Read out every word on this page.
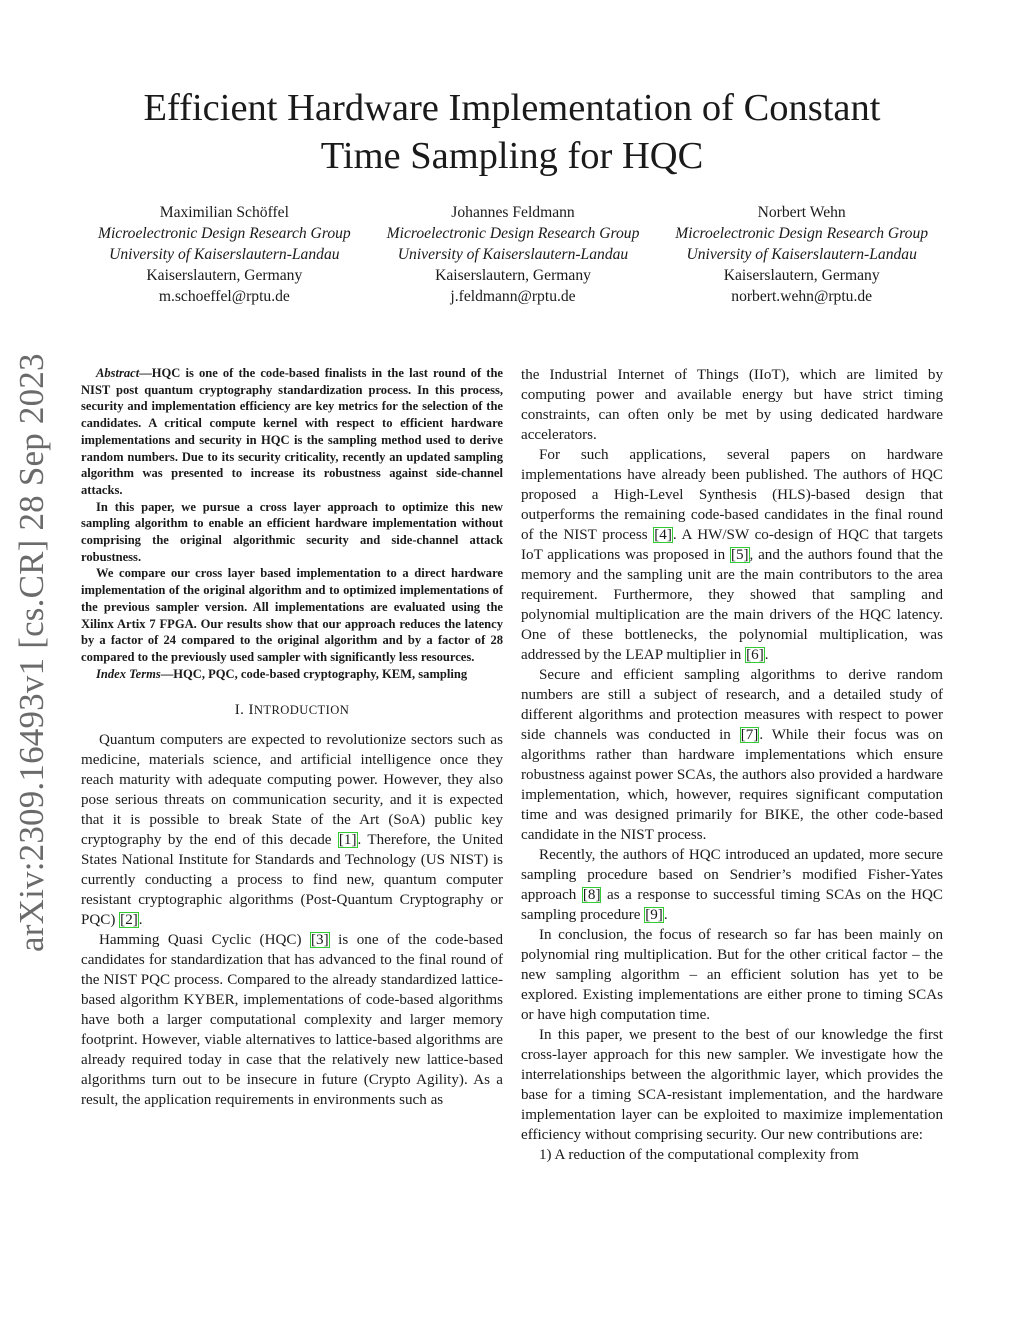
arXiv:2309.16493v1 [cs.CR] 28 Sep 2023
Efficient Hardware Implementation of Constant
Time Sampling for HQC
Maximilian Schöffel
Microelectronic Design Research Group
University of Kaiserslautern-Landau
Kaiserslautern, Germany
m.schoeffel@rptu.de
Johannes Feldmann
Microelectronic Design Research Group
University of Kaiserslautern-Landau
Kaiserslautern, Germany
j.feldmann@rptu.de
Norbert Wehn
Microelectronic Design Research Group
University of Kaiserslautern-Landau
Kaiserslautern, Germany
norbert.wehn@rptu.de

Abstract—HQC is one of the code-based finalists in the last round of the NIST post quantum cryptography standardization process. In this process, security and implementation efficiency are key metrics for the selection of the candidates. A critical compute kernel with respect to efficient hardware implementations and security in HQC is the sampling method used to derive random numbers. Due to its security criticality, recently an updated sampling algorithm was presented to increase its robustness against side-channel attacks.

In this paper, we pursue a cross layer approach to optimize this new sampling algorithm to enable an efficient hardware implementation without comprising the original algorithmic security and side-channel attack robustness.

We compare our cross layer based implementation to a direct hardware implementation of the original algorithm and to optimized implementations of the previous sampler version. All implementations are evaluated using the Xilinx Artix 7 FPGA. Our results show that our approach reduces the latency by a factor of 24 compared to the original algorithm and by a factor of 28 compared to the previously used sampler with significantly less resources.

Index Terms—HQC, PQC, code-based cryptography, KEM, sampling

I. INTRODUCTION

Quantum computers are expected to revolutionize sectors such as medicine, materials science, and artificial intelligence once they reach maturity with adequate computing power. However, they also pose serious threats on communication security, and it is expected that it is possible to break State of the Art (SoA) public key cryptography by the end of this decade [1]. Therefore, the United States National Institute for Standards and Technology (US NIST) is currently conducting a process to find new, quantum computer resistant cryptographic algorithms (Post-Quantum Cryptography or PQC) [2].

Hamming Quasi Cyclic (HQC) [3] is one of the code-based candidates for standardization that has advanced to the final round of the NIST PQC process. Compared to the already standardized lattice-based algorithm KYBER, implementations of code-based algorithms have both a larger computational complexity and larger memory footprint. However, viable alternatives to lattice-based algorithms are already required today in case that the relatively new lattice-based algorithms turn out to be insecure in future (Crypto Agility). As a result, the application requirements in environments such as

the Industrial Internet of Things (IIoT), which are limited by computing power and available energy but have strict timing constraints, can often only be met by using dedicated hardware accelerators.

For such applications, several papers on hardware implementations have already been published. The authors of HQC proposed a High-Level Synthesis (HLS)-based design that outperforms the remaining code-based candidates in the final round of the NIST process [4]. A HW/SW co-design of HQC that targets IoT applications was proposed in [5], and the authors found that the memory and the sampling unit are the main contributors to the area requirement. Furthermore, they showed that sampling and polynomial multiplication are the main drivers of the HQC latency. One of these bottlenecks, the polynomial multiplication, was addressed by the LEAP multiplier in [6].

Secure and efficient sampling algorithms to derive random numbers are still a subject of research, and a detailed study of different algorithms and protection measures with respect to power side channels was conducted in [7]. While their focus was on algorithms rather than hardware implementations which ensure robustness against power SCAs, the authors also provided a hardware implementation, which, however, requires significant computation time and was designed primarily for BIKE, the other code-based candidate in the NIST process.

Recently, the authors of HQC introduced an updated, more secure sampling procedure based on Sendrier’s modified Fisher-Yates approach [8] as a response to successful timing SCAs on the HQC sampling procedure [9].

In conclusion, the focus of research so far has been mainly on polynomial ring multiplication. But for the other critical factor – the new sampling algorithm – an efficient solution has yet to be explored. Existing implementations are either prone to timing SCAs or have high computation time.

In this paper, we present to the best of our knowledge the first cross-layer approach for this new sampler. We investigate how the interrelationships between the algorithmic layer, which provides the base for a timing SCA-resistant implementation, and the hardware implementation layer can be exploited to maximize implementation efficiency without comprising security. Our new contributions are:

1) A reduction of the computational complexity from
